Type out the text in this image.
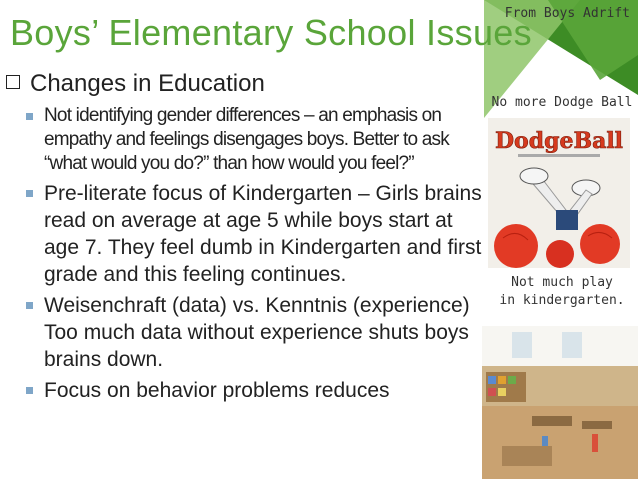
Boys’ Elementary School Issues
From Boys Adrift
Changes in Education
Not identifying gender differences – an emphasis on empathy and feelings disengages boys. Better to ask “what would you do?” than how would you feel?”
Pre-literate focus of Kindergarten – Girls brains read on average at age 5 while boys start at age 7. They feel dumb in Kindergarten and first grade and this feeling continues.
Weisenchraft (data) vs. Kenntnis (experience) Too much data without experience shuts boys brains down.
Focus on behavior problems reduces
No more Dodge Ball
DodgeBall
Not much play
in kindergarten.
